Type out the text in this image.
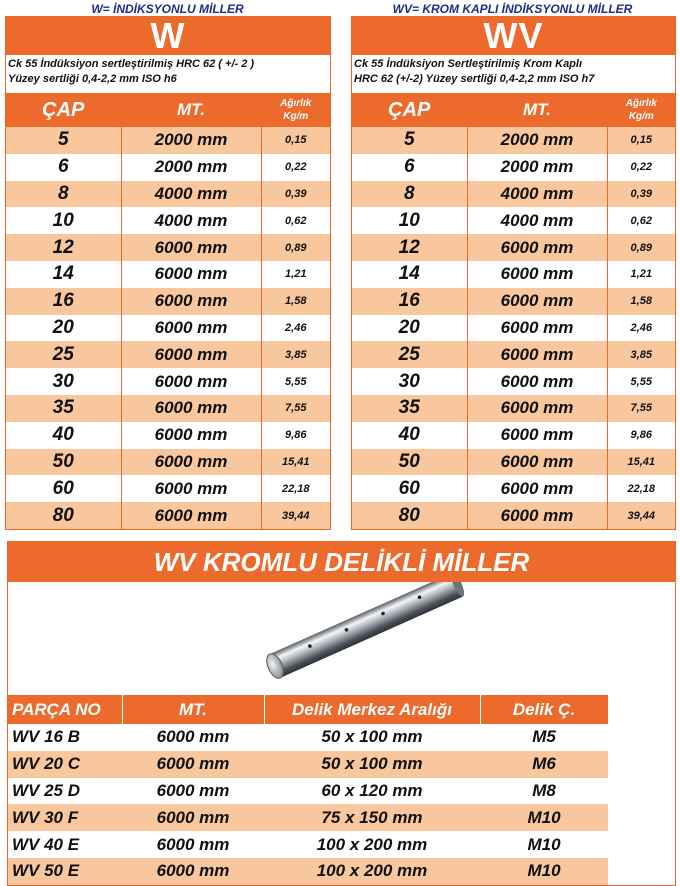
W= İNDİKSYONLU MİLLER
W
Ck 55 İndüksiyon sertleştirilmiş HRC 62 ( +/- 2 )
Yüzey sertliği 0,4-2,2 mm ISO h6
ÇAP	MT.	Ağırlık
Kg/m
5	2000 mm	0,15
6	2000 mm	0,22
8	4000 mm	0,39
10	4000 mm	0,62
12	6000 mm	0,89
14	6000 mm	1,21
16	6000 mm	1,58
20	6000 mm	2,46
25	6000 mm	3,85
30	6000 mm	5,55
35	6000 mm	7,55
40	6000 mm	9,86
50	6000 mm	15,41
60	6000 mm	22,18
80	6000 mm	39,44
WV= KROM KAPLI İNDİKSYONLU MİLLER
WV
Ck 55 İndüksiyon Sertleştirilmiş Krom Kaplı
HRC 62 (+/-2) Yüzey sertliği 0,4-2,2 mm ISO h7
ÇAP	MT.	Ağırlık
Kg/m
5	2000 mm	0,15
6	2000 mm	0,22
8	4000 mm	0,39
10	4000 mm	0,62
12	6000 mm	0,89
14	6000 mm	1,21
16	6000 mm	1,58
20	6000 mm	2,46
25	6000 mm	3,85
30	6000 mm	5,55
35	6000 mm	7,55
40	6000 mm	9,86
50	6000 mm	15,41
60	6000 mm	22,18
80	6000 mm	39,44
WV KROMLU DELİKLİ MİLLER
PARÇA NO	MT.	Delik Merkez Aralığı	Delik Ç.
WV 16 B	6000 mm	50 x 100 mm	M5
WV 20 C	6000 mm	50 x 100 mm	M6
WV 25 D	6000 mm	60 x 120 mm	M8
WV 30 F	6000 mm	75 x 150 mm	M10
WV 40 E	6000 mm	100 x 200 mm	M10
WV 50 E	6000 mm	100 x 200 mm	M10
